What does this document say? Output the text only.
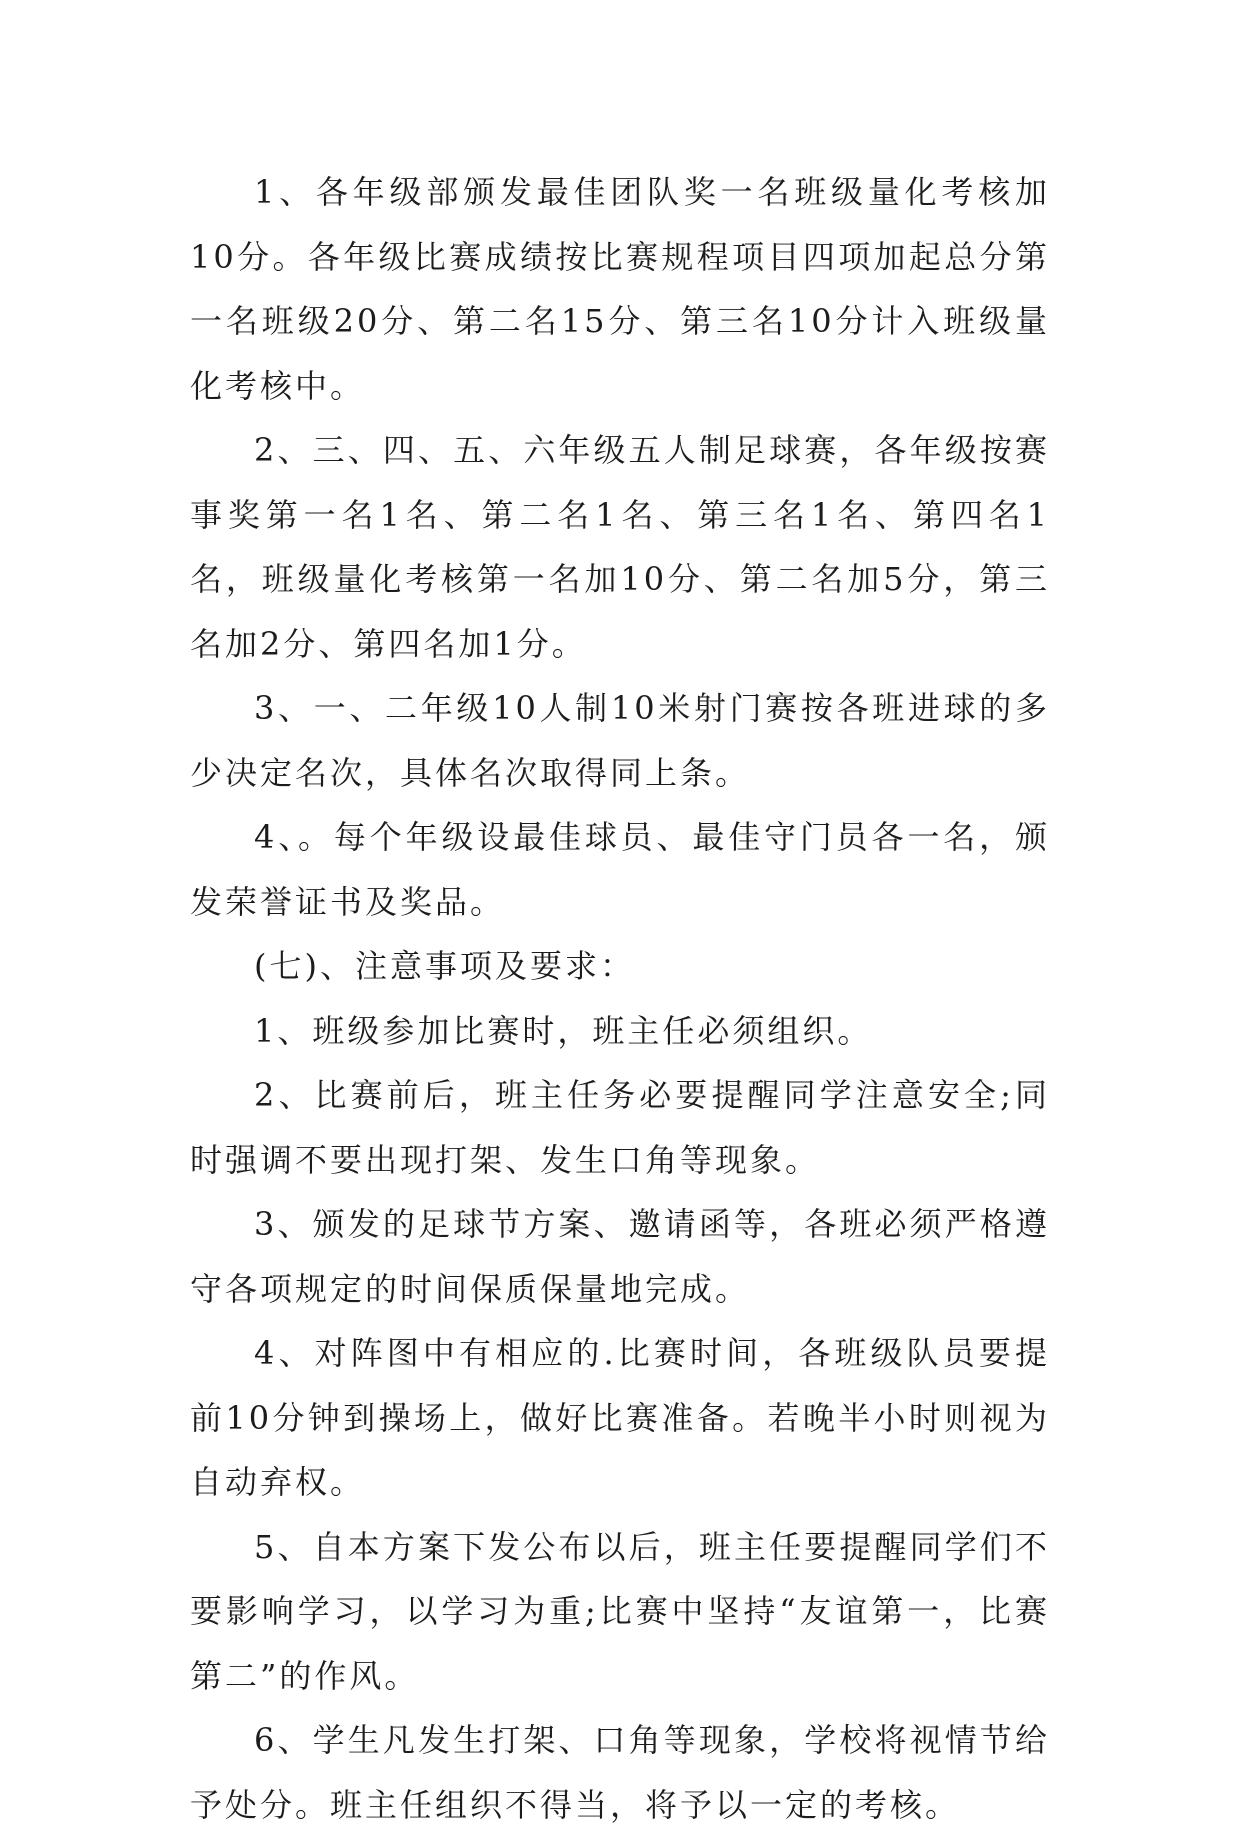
1、各年级部颁发最佳团队奖一名班级量化考核加10分。各年级比赛成绩按比赛规程项目四项加起总分第一名班级20分、第二名15分、第三名10分计入班级量化考核中。

2、三、四、五、六年级五人制足球赛，各年级按赛事奖第一名1名、第二名1名、第三名1名、第四名1名，班级量化考核第一名加10分、第二名加5分，第三名加2分、第四名加1分。

3、一、二年级10人制10米射门赛按各班进球的多少决定名次，具体名次取得同上条。

4、。每个年级设最佳球员、最佳守门员各一名，颁发荣誉证书及奖品。

(七)、注意事项及要求：

1、班级参加比赛时，班主任必须组织。

2、比赛前后，班主任务必要提醒同学注意安全;同时强调不要出现打架、发生口角等现象。

3、颁发的足球节方案、邀请函等，各班必须严格遵守各项规定的时间保质保量地完成。

4、对阵图中有相应的.比赛时间，各班级队员要提前10分钟到操场上，做好比赛准备。若晚半小时则视为自动弃权。

5、自本方案下发公布以后，班主任要提醒同学们不要影响学习，以学习为重;比赛中坚持“友谊第一，比赛第二”的作风。

6、学生凡发生打架、口角等现象，学校将视情节给予处分。班主任组织不得当，将予以一定的考核。
